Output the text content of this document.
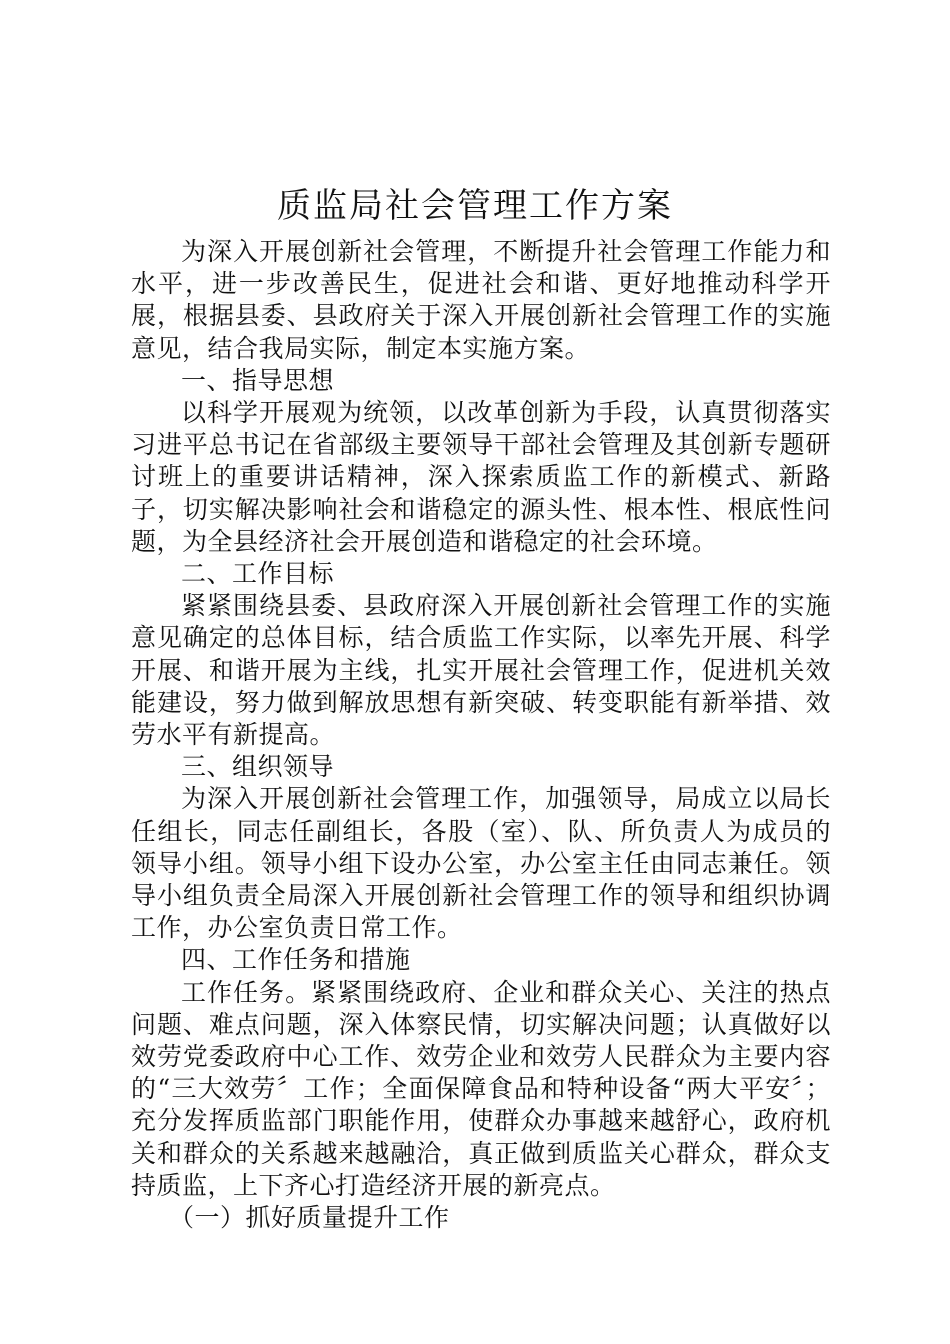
质监局社会管理工作方案

为深入开展创新社会管理，不断提升社会管理工作能力和水平，进一步改善民生，促进社会和谐、更好地推动科学开展，根据县委、县政府关于深入开展创新社会管理工作的实施意见，结合我局实际，制定本实施方案。

一、指导思想

以科学开展观为统领，以改革创新为手段，认真贯彻落实习进平总书记在省部级主要领导干部社会管理及其创新专题研讨班上的重要讲话精神，深入探索质监工作的新模式、新路子，切实解决影响社会和谐稳定的源头性、根本性、根底性问题，为全县经济社会开展创造和谐稳定的社会环境。

二、工作目标

紧紧围绕县委、县政府深入开展创新社会管理工作的实施意见确定的总体目标，结合质监工作实际，以率先开展、科学开展、和谐开展为主线，扎实开展社会管理工作，促进机关效能建设，努力做到解放思想有新突破、转变职能有新举措、效劳水平有新提高。

三、组织领导

为深入开展创新社会管理工作，加强领导，局成立以局长任组长，同志任副组长，各股（室）、队、所负责人为成员的领导小组。领导小组下设办公室，办公室主任由同志兼任。领导小组负责全局深入开展创新社会管理工作的领导和组织协调工作，办公室负责日常工作。

四、工作任务和措施

工作任务。紧紧围绕政府、企业和群众关心、关注的热点问题、难点问题，深入体察民情，切实解决问题；认真做好以效劳党委政府中心工作、效劳企业和效劳人民群众为主要内容的“三大效劳〞工作；全面保障食品和特种设备“两大平安〞；充分发挥质监部门职能作用，使群众办事越来越舒心，政府机关和群众的关系越来越融洽，真正做到质监关心群众，群众支持质监，上下齐心打造经济开展的新亮点。

（一）抓好质量提升工作
